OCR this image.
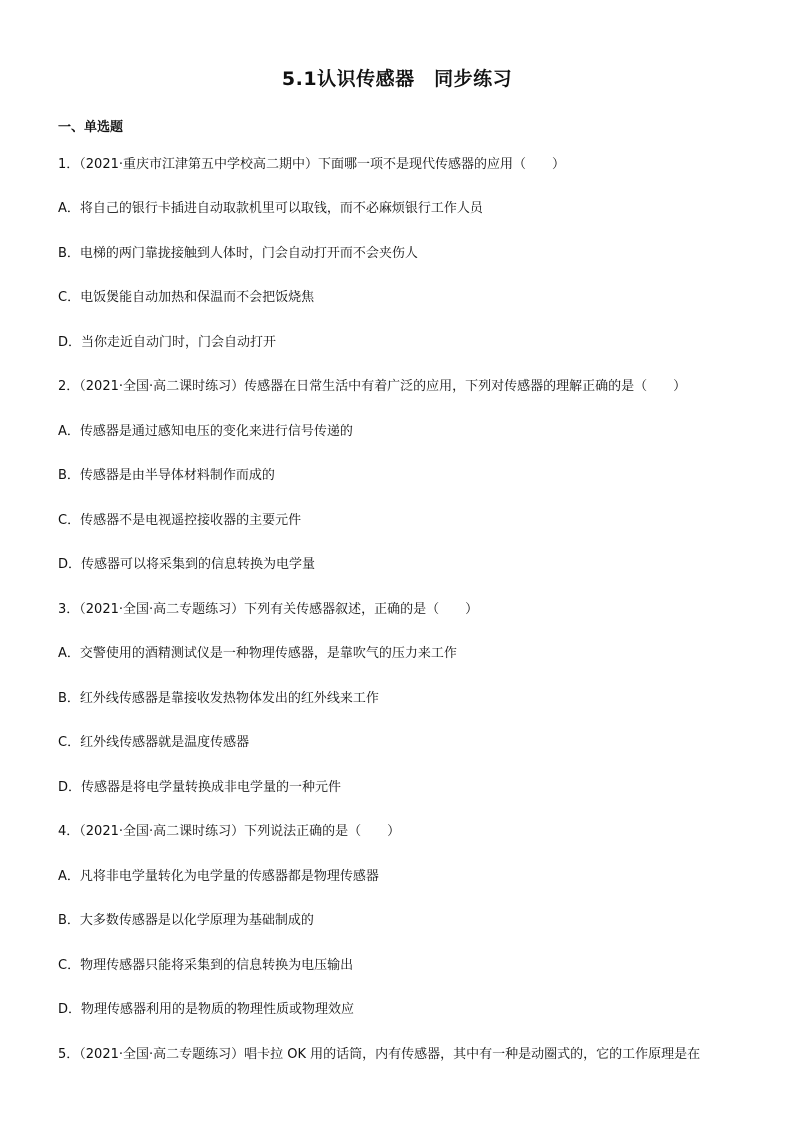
5.1认识传感器　同步练习
一、单选题
1．（2021·重庆市江津第五中学校高二期中）下面哪一项不是现代传感器的应用（　　）
A．将自己的银行卡插进自动取款机里可以取钱，而不必麻烦银行工作人员
B．电梯的两门靠拢接触到人体时，门会自动打开而不会夹伤人
C．电饭煲能自动加热和保温而不会把饭烧焦
D．当你走近自动门时，门会自动打开
2．（2021·全国·高二课时练习）传感器在日常生活中有着广泛的应用，下列对传感器的理解正确的是（　　）
A．传感器是通过感知电压的变化来进行信号传递的
B．传感器是由半导体材料制作而成的
C．传感器不是电视遥控接收器的主要元件
D．传感器可以将采集到的信息转换为电学量
3．（2021·全国·高二专题练习）下列有关传感器叙述，正确的是（　　）
A．交警使用的酒精测试仪是一种物理传感器，是靠吹气的压力来工作
B．红外线传感器是靠接收发热物体发出的红外线来工作
C．红外线传感器就是温度传感器
D．传感器是将电学量转换成非电学量的一种元件
4．（2021·全国·高二课时练习）下列说法正确的是（　　）
A．凡将非电学量转化为电学量的传感器都是物理传感器
B．大多数传感器是以化学原理为基础制成的
C．物理传感器只能将采集到的信息转换为电压输出
D．物理传感器利用的是物质的物理性质或物理效应
5．（2021·全国·高二专题练习）唱卡拉 OK 用的话筒，内有传感器，其中有一种是动圈式的，它的工作原理是在
